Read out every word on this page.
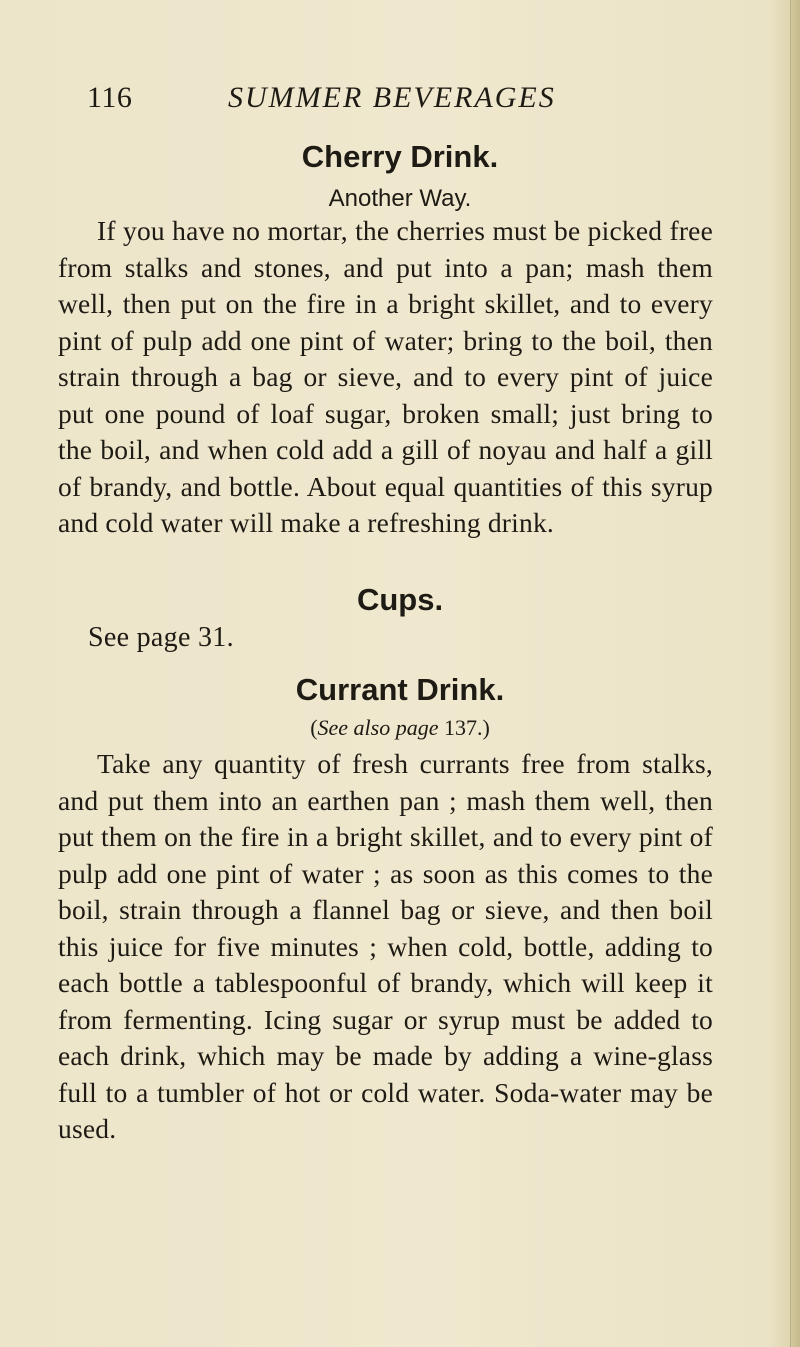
116	SUMMER BEVERAGES
Cherry Drink.
Another Way.

If you have no mortar, the cherries must be picked free from stalks and stones, and put into a pan; mash them well, then put on the fire in a bright skillet, and to every pint of pulp add one pint of water; bring to the boil, then strain through a bag or sieve, and to every pint of juice put one pound of loaf sugar, broken small; just bring to the boil, and when cold add a gill of noyau and half a gill of brandy, and bottle. About equal quantities of this syrup and cold water will make a refreshing drink.

Cups.
See page 31.
Currant Drink.
(See also page 137.)

Take any quantity of fresh currants free from stalks, and put them into an earthen pan ; mash them well, then put them on the fire in a bright skillet, and to every pint of pulp add one pint of water ; as soon as this comes to the boil, strain through a flannel bag or sieve, and then boil this juice for five minutes ; when cold, bottle, adding to each bottle a tablespoonful of brandy, which will keep it from fermenting. Icing sugar or syrup must be added to each drink, which may be made by adding a wine-glass full to a tumbler of hot or cold water. Soda-water may be used.
